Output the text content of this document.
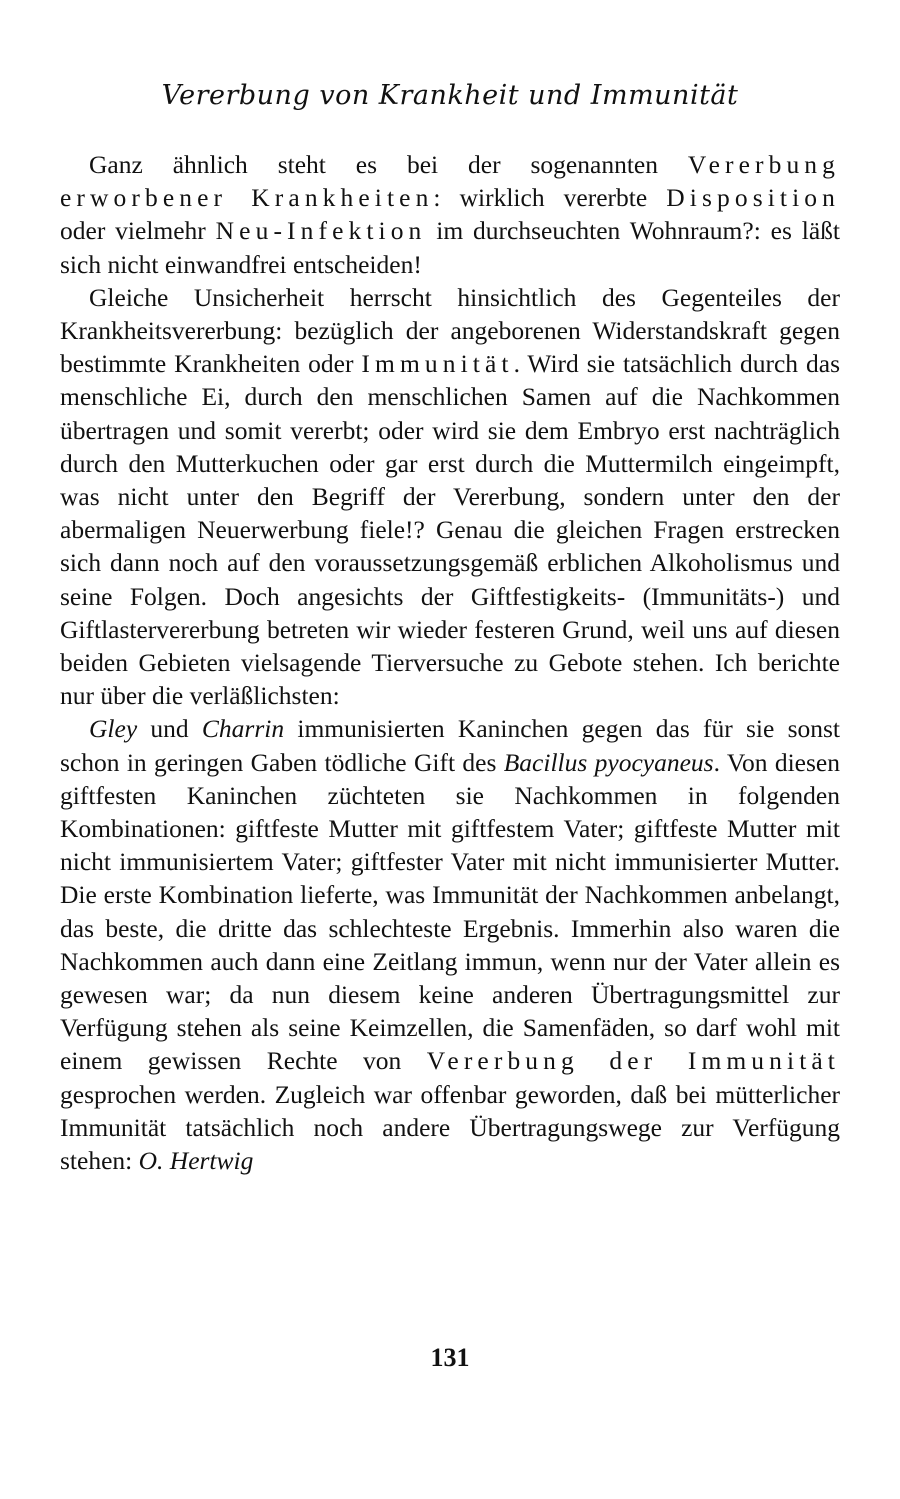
Vererbung von Krankheit und Immunität

Ganz ähnlich steht es bei der sogenannten Vererbung erworbener Krankheiten: wirklich vererbte Disposition oder vielmehr Neu-Infektion im durchseuchten Wohnraum?: es läßt sich nicht einwandfrei entscheiden!

Gleiche Unsicherheit herrscht hinsichtlich des Gegenteiles der Krankheitsvererbung: bezüglich der angeborenen Widerstandskraft gegen bestimmte Krankheiten oder Immunität. Wird sie tatsächlich durch das menschliche Ei, durch den menschlichen Samen auf die Nachkommen übertragen und somit vererbt; oder wird sie dem Embryo erst nachträglich durch den Mutterkuchen oder gar erst durch die Muttermilch eingeimpft, was nicht unter den Begriff der Vererbung, sondern unter den der abermaligen Neuerwerbung fiele!? Genau die gleichen Fragen erstrecken sich dann noch auf den voraussetzungsgemäß erblichen Alkoholismus und seine Folgen. Doch angesichts der Giftfestigkeits- (Immunitäts-) und Giftlastervererbung betreten wir wieder festeren Grund, weil uns auf diesen beiden Gebieten vielsagende Tierversuche zu Gebote stehen. Ich berichte nur über die verläßlichsten:

Gley und Charrin immunisierten Kaninchen gegen das für sie sonst schon in geringen Gaben tödliche Gift des Bacillus pyocyaneus. Von diesen giftfesten Kaninchen züchteten sie Nachkommen in folgenden Kombinationen: giftfeste Mutter mit giftfestem Vater; giftfeste Mutter mit nicht immunisiertem Vater; giftfester Vater mit nicht immunisierter Mutter. Die erste Kombination lieferte, was Immunität der Nachkommen anbelangt, das beste, die dritte das schlechteste Ergebnis. Immerhin also waren die Nachkommen auch dann eine Zeitlang immun, wenn nur der Vater allein es gewesen war; da nun diesem keine anderen Übertragungsmittel zur Verfügung stehen als seine Keimzellen, die Samenfäden, so darf wohl mit einem gewissen Rechte von Vererbung der Immunität gesprochen werden. Zugleich war offenbar geworden, daß bei mütterlicher Immunität tatsächlich noch andere Übertragungswege zur Verfügung stehen: O. Hertwig

131
